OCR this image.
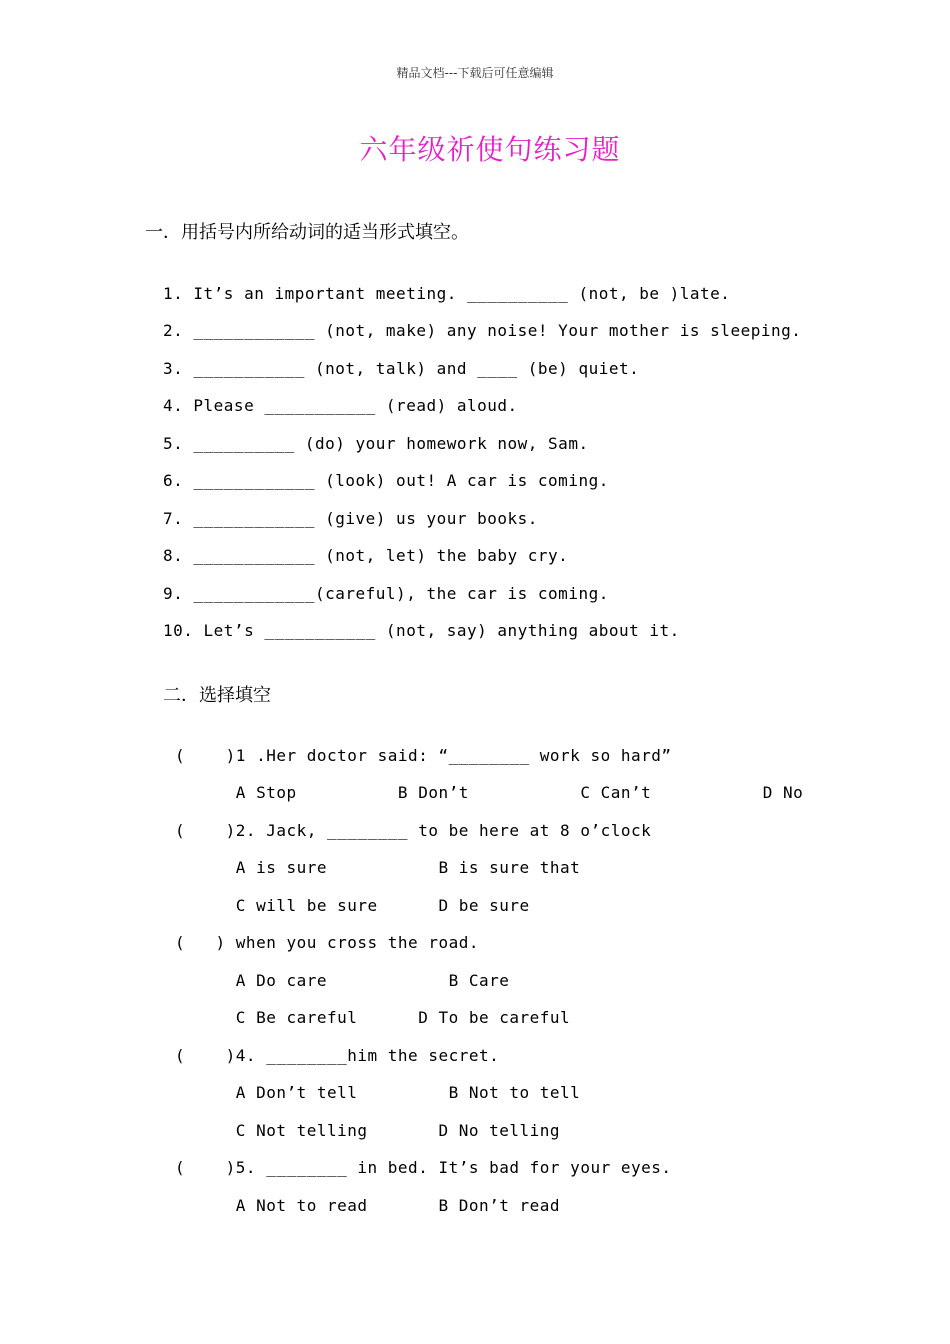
精品文档---下载后可任意编辑
六年级祈使句练习题
一．用括号内所给动词的适当形式填空。
1. It’s an important meeting. __________ (not, be )late.
2. ____________ (not, make) any noise! Your mother is sleeping.
3. ___________ (not, talk) and ____ (be) quiet.
4. Please ___________ (read) aloud.
5. __________ (do) your homework now, Sam.
6. ____________ (look) out! A car is coming.
7. ____________ (give) us your books.
8. ____________ (not, let) the baby cry.
9. ____________(careful), the car is coming.
10. Let’s ___________ (not, say) anything about it.
二．选择填空
(    )1 .Her doctor said: “________ work so hard”
A Stop          B Don’t           C Can’t           D No
(    )2. Jack, ________ to be here at 8 o’clock
A is sure           B is sure that
C will be sure      D be sure
(   ) when you cross the road.
A Do care            B Care
C Be careful      D To be careful
(    )4. ________him the secret.
A Don’t tell         B Not to tell
C Not telling       D No telling
(    )5. ________ in bed. It’s bad for your eyes.
A Not to read       B Don’t read
